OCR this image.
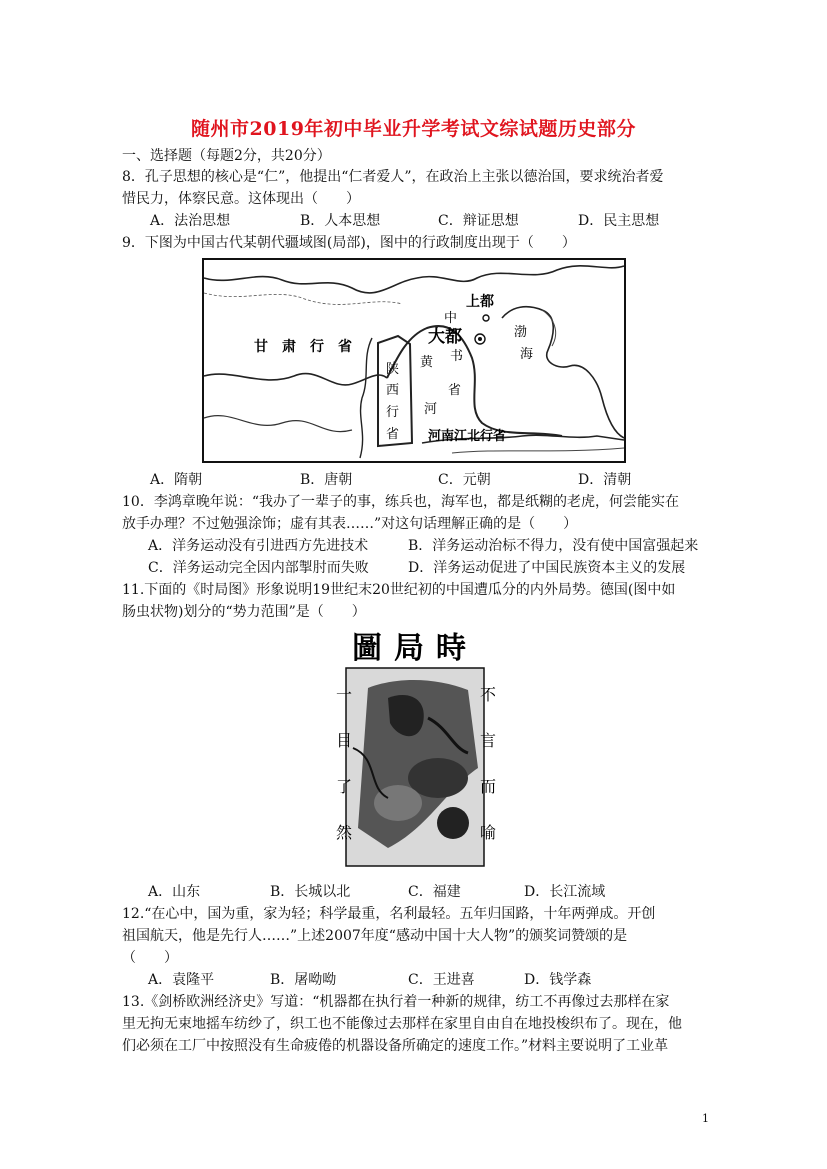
随州市2019年初中毕业升学考试文综试题历史部分
一、选择题（每题2分，共20分）
8．孔子思想的核心是“仁”，他提出“仁者爱人”，在政治上主张以德治国，要求统治者爱
惜民力，体察民意。这体现出（　　）
A．法治思想	B．人本思想	C．辩证思想	D．民主思想
9．下图为中国古代某朝代疆域图(局部)，图中的行政制度出现于（　　）
上都
大都
中
书
省
渤
海
甘　肃　行　省
陕
西
行
省
黄
河
河南江北行省
A．隋朝	B．唐朝	C．元朝	D．清朝
10．李鸿章晚年说：“我办了一辈子的事，练兵也，海军也，都是纸糊的老虎，何尝能实在
放手办理？不过勉强涂饰；虚有其表……”对这句话理解正确的是（　　）
A．洋务运动没有引进西方先进技术	B．洋务运动治标不得力，没有使中国富强起来
C．洋务运动完全因内部掣肘而失败	D．洋务运动促进了中国民族资本主义的发展
11.下面的《时局图》形象说明19世纪末20世纪初的中国遭瓜分的内外局势。德国(图中如
肠虫状物)划分的“势力范围”是（　　）
圖局時
一
目
了
然
不
言
而
喻
A．山东	B．长城以北	C．福建	D．长江流域
12.“在心中，国为重，家为轻；科学最重，名利最轻。五年归国路，十年两弹成。开创
祖国航天，他是先行人……”上述2007年度“感动中国十大人物”的颁奖词赞颂的是
（　　）
A．袁隆平	B．屠呦呦	C．王进喜	D．钱学森
13.《剑桥欧洲经济史》写道：“机器都在执行着一种新的规律，纺工不再像过去那样在家
里无拘无束地摇车纺纱了，织工也不能像过去那样在家里自由自在地投梭织布了。现在，他
们必须在工厂中按照没有生命疲倦的机器设备所确定的速度工作。”材料主要说明了工业革
1
